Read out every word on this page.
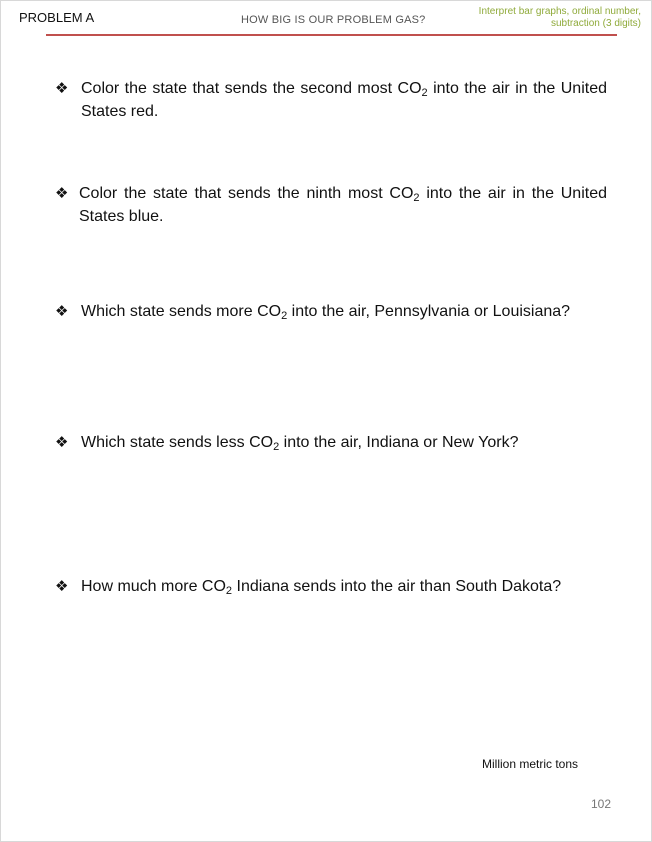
PROBLEM A	HOW BIG IS OUR PROBLEM GAS?
Interpret bar graphs, ordinal number,
subtraction (3 digits)
❖ Color the state that sends the second most $CO_2$ into the air in the United States red.
❖ Color the state that sends the ninth most $CO_2$ into the air in the United States blue.
❖ Which state sends more $CO_2$ into the air, Pennsylvania or Louisiana?
❖ Which state sends less $CO_2$ into the air, Indiana or New York?
❖ How much more $CO_2$ Indiana sends into the air than South Dakota?
Million metric tons
102
